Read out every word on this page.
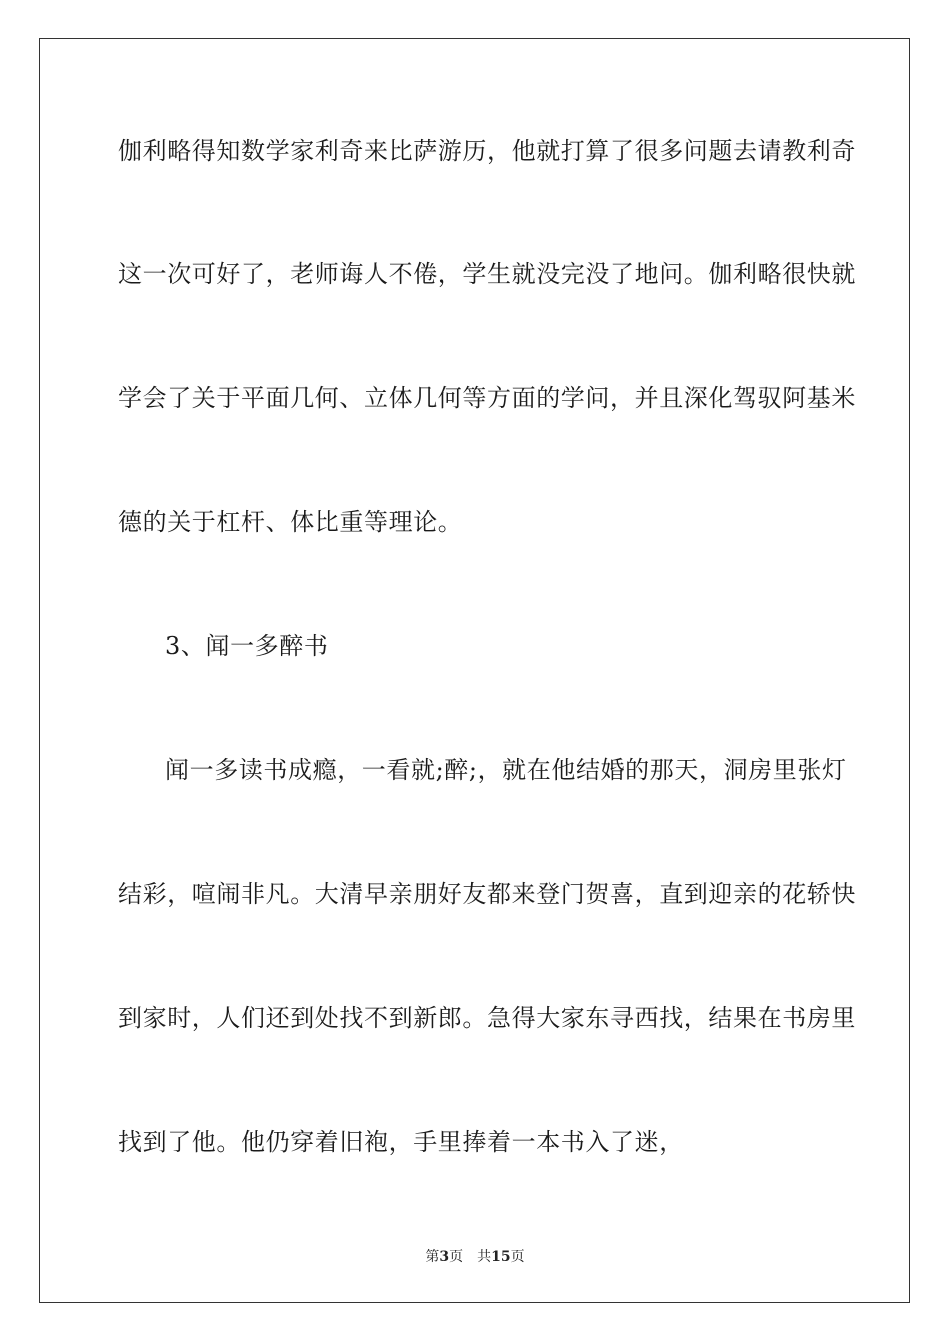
伽利略得知数学家利奇来比萨游历，他就打算了很多问题去请教利奇
这一次可好了，老师诲人不倦，学生就没完没了地问。伽利略很快就
学会了关于平面几何、立体几何等方面的学问，并且深化驾驭阿基米
德的关于杠杆、体比重等理论。
3、闻一多醉书
闻一多读书成瘾，一看就;醉;，就在他结婚的那天，洞房里张灯
结彩，喧闹非凡。大清早亲朋好友都来登门贺喜，直到迎亲的花轿快
到家时，人们还到处找不到新郎。急得大家东寻西找，结果在书房里
找到了他。他仍穿着旧袍，手里捧着一本书入了迷，
第3页 共15页
